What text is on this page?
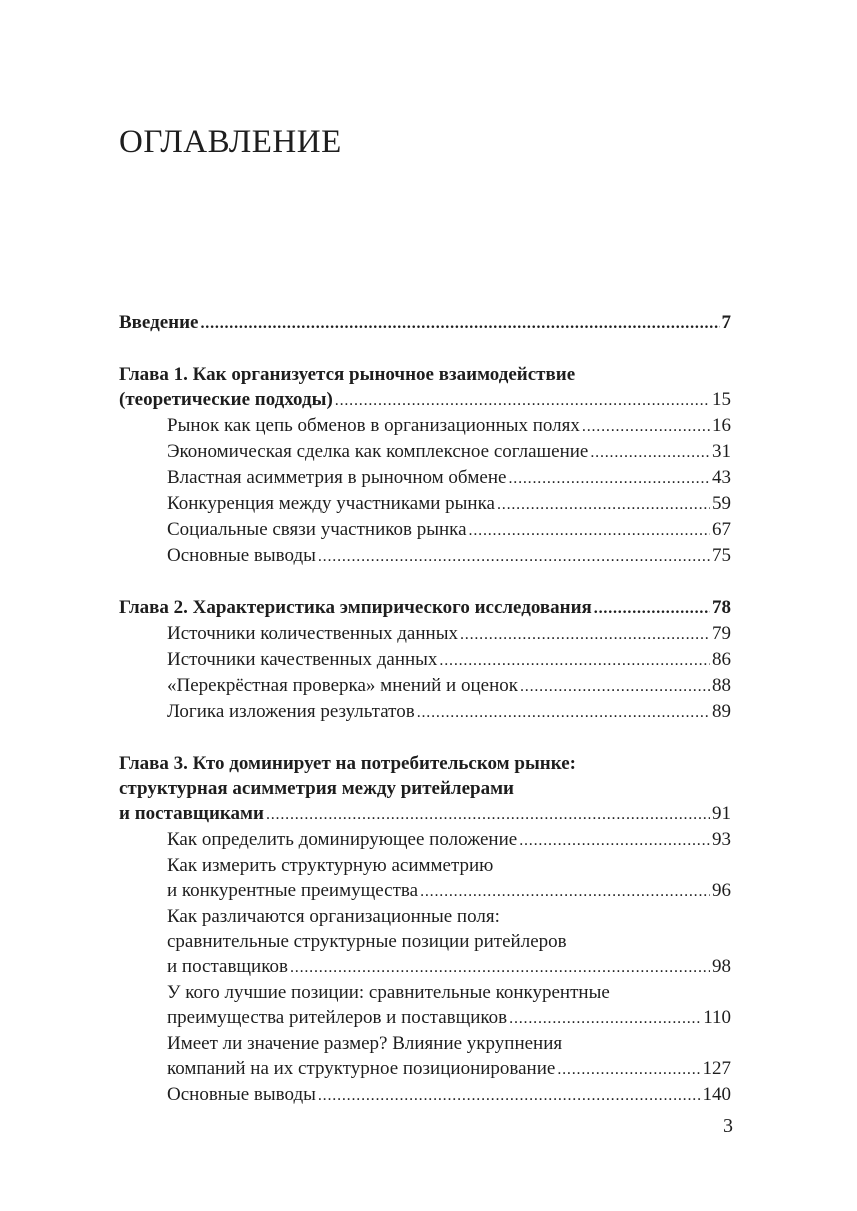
ОГЛАВЛЕНИЕ
Введение . . .	7
Глава 1. Как организуется рыночное взаимодействие
(теоретические подходы) . . .	15
Рынок как цепь обменов в организационных полях . . .	16
Экономическая сделка как комплексное соглашение . . .	31
Властная асимметрия в рыночном обмене . . .	43
Конкуренция между участниками рынка . . .	59
Социальные связи участников рынка . . .	67
Основные выводы . . .	75
Глава 2. Характеристика эмпирического исследования . . .	78
Источники количественных данных . . .	79
Источники качественных данных . . .	86
«Перекрёстная проверка» мнений и оценок . . .	88
Логика изложения результатов . . .	89
Глава 3. Кто доминирует на потребительском рынке:
структурная асимметрия между ритейлерами
и поставщиками . . .	91
Как определить доминирующее положение . . .	93
Как измерить структурную асимметрию
и конкурентные преимущества . . .	96
Как различаются организационные поля:
сравнительные структурные позиции ритейлеров
и поставщиков . . .	98
У кого лучшие позиции: сравнительные конкурентные
преимущества ритейлеров и поставщиков . . .	110
Имеет ли значение размер? Влияние укрупнения
компаний на их структурное позиционирование . . .	127
Основные выводы . . .	140
3
